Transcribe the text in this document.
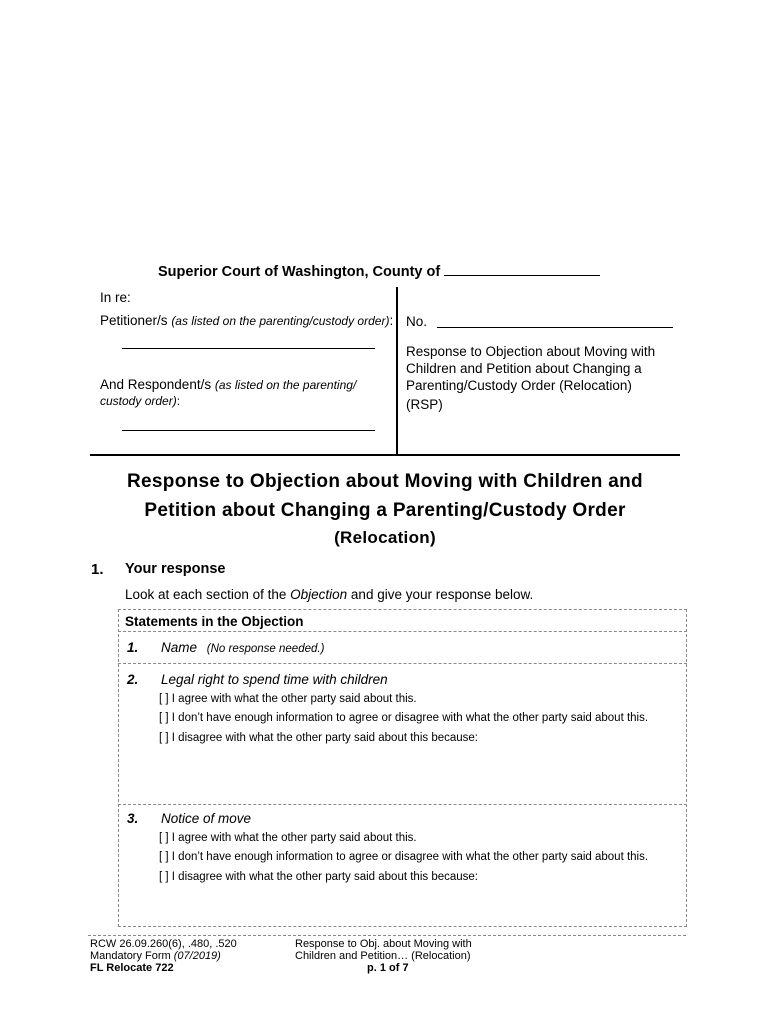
Superior Court of Washington, County of
In re:
Petitioner/s (as listed on the parenting/custody order):
And Respondent/s (as listed on the parenting/
custody order):
No.
Response to Objection about Moving with
Children and Petition about Changing a
Parenting/Custody Order (Relocation)
(RSP)
Response to Objection about Moving with Children and
Petition about Changing a Parenting/Custody Order
(Relocation)
1. Your response
Look at each section of the Objection and give your response below.
Statements in the Objection
1. Name (No response needed.)
2. Legal right to spend time with children
[ ] I agree with what the other party said about this.
[ ] I don’t have enough information to agree or disagree with what the other party said about this.
[ ] I disagree with what the other party said about this because:
3. Notice of move
[ ] I agree with what the other party said about this.
[ ] I don’t have enough information to agree or disagree with what the other party said about this.
[ ] I disagree with what the other party said about this because:
RCW 26.09.260(6), .480, .520
Mandatory Form (07/2019)
FL Relocate 722
Response to Obj. about Moving with
Children and Petition… (Relocation)
p. 1 of 7
